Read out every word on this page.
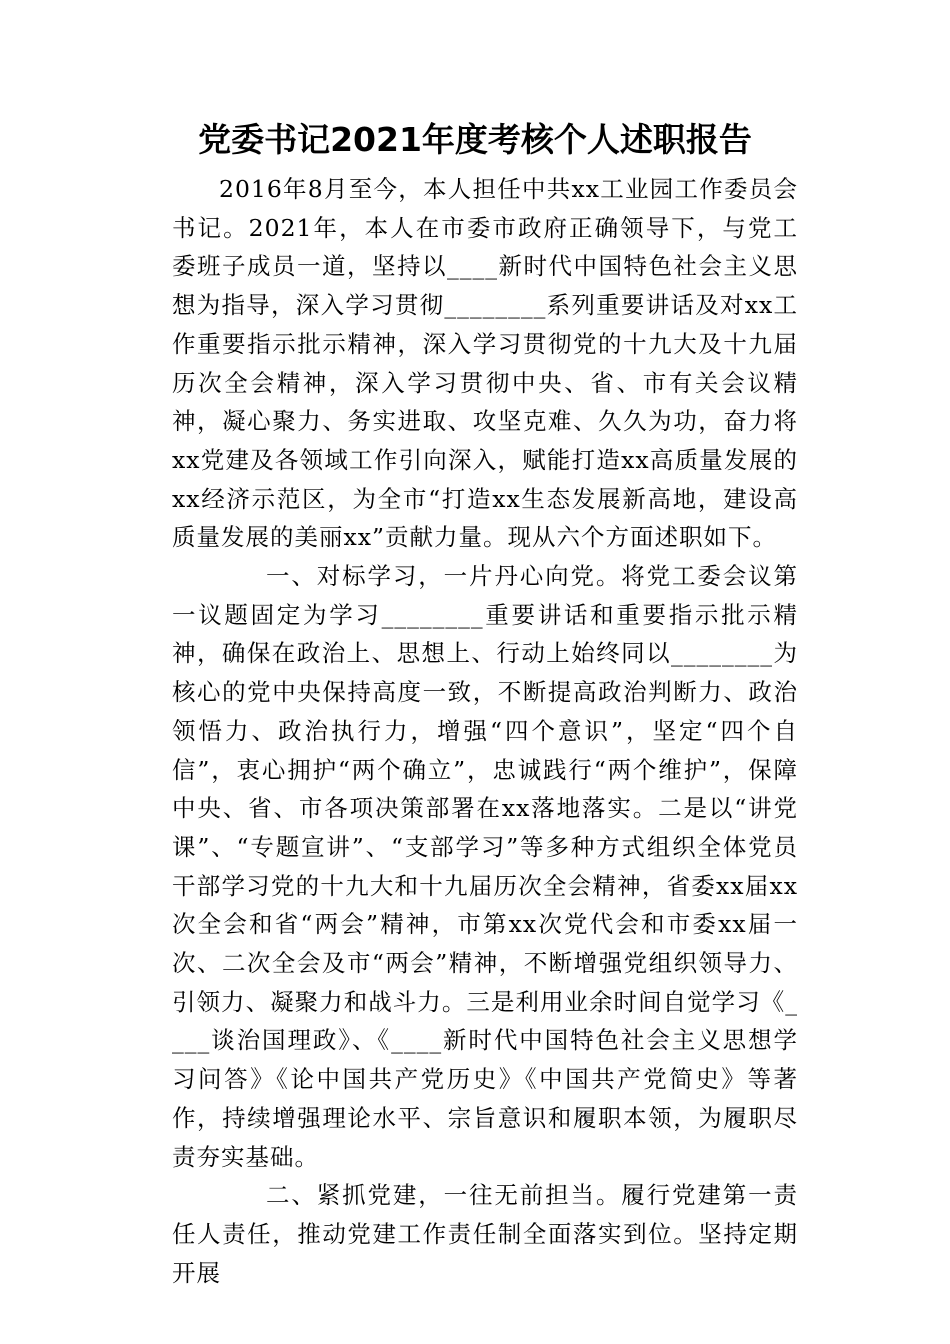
党委书记2021年度考核个人述职报告

2016年8月至今，本人担任中共xx工业园工作委员会书记。2021年，本人在市委市政府正确领导下，与党工委班子成员一道，坚持以____新时代中国特色社会主义思想为指导，深入学习贯彻________系列重要讲话及对xx工作重要指示批示精神，深入学习贯彻党的十九大及十九届历次全会精神，深入学习贯彻中央、省、市有关会议精神，凝心聚力、务实进取、攻坚克难、久久为功，奋力将xx党建及各领域工作引向深入，赋能打造xx高质量发展的xx经济示范区，为全市“打造xx生态发展新高地，建设高质量发展的美丽xx”贡献力量。现从六个方面述职如下。

一、对标学习，一片丹心向党。将党工委会议第一议题固定为学习________重要讲话和重要指示批示精神，确保在政治上、思想上、行动上始终同以________为核心的党中央保持高度一致，不断提高政治判断力、政治领悟力、政治执行力，增强“四个意识”，坚定“四个自信”，衷心拥护“两个确立”，忠诚践行“两个维护”，保障中央、省、市各项决策部署在xx落地落实。二是以“讲党课”、“专题宣讲”、“支部学习”等多种方式组织全体党员干部学习党的十九大和十九届历次全会精神，省委xx届xx次全会和省“两会”精神，市第xx次党代会和市委xx届一次、二次全会及市“两会”精神，不断增强党组织领导力、引领力、凝聚力和战斗力。三是利用业余时间自觉学习《____谈治国理政》、《____新时代中国特色社会主义思想学习问答》《论中国共产党历史》《中国共产党简史》等著作，持续增强理论水平、宗旨意识和履职本领，为履职尽责夯实基础。

二、紧抓党建，一往无前担当。履行党建第一责任人责任，推动党建工作责任制全面落实到位。坚持定期开展
